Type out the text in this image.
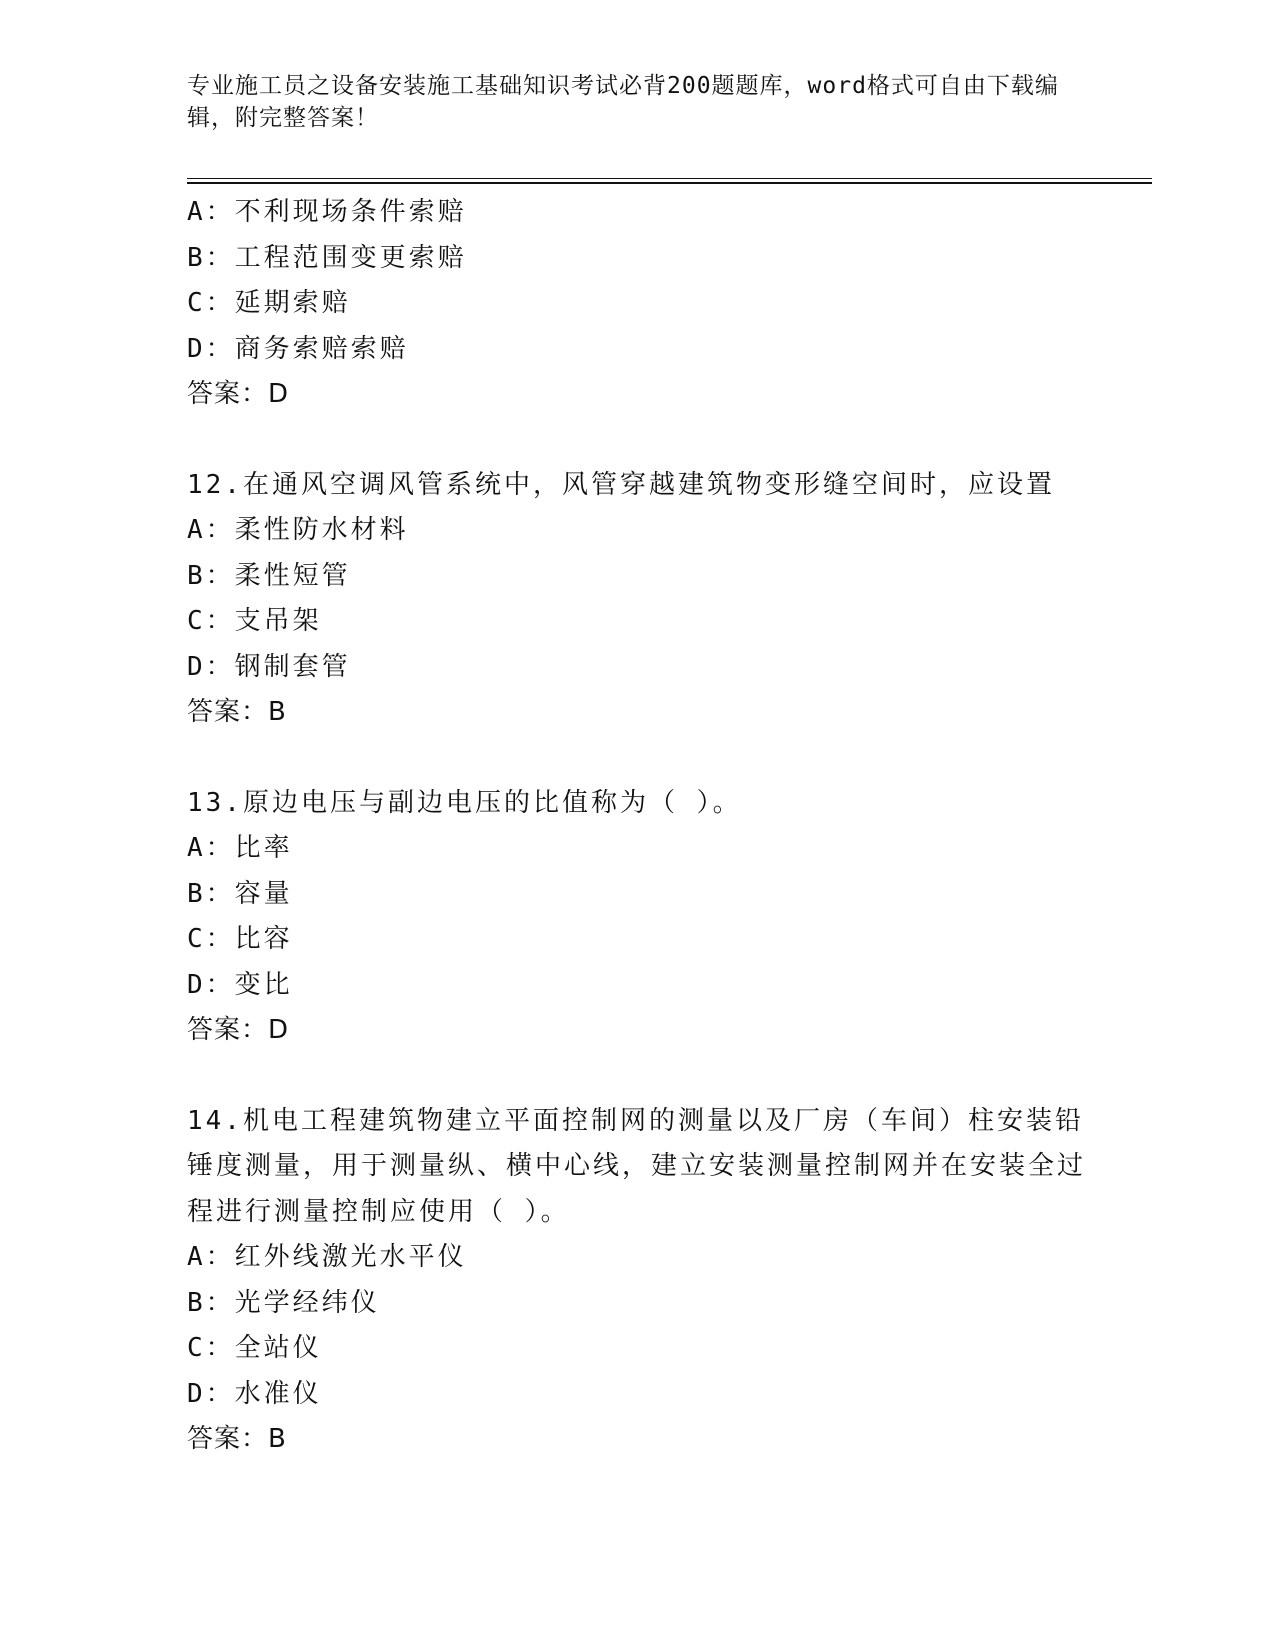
专业施工员之设备安装施工基础知识考试必背200题题库，word格式可自由下载编辑，附完整答案！

A：不利现场条件索赔

B：工程范围变更索赔

C：延期索赔

D：商务索赔索赔

答案：D

12.在通风空调风管系统中，风管穿越建筑物变形缝空间时，应设置

A：柔性防水材料

B：柔性短管

C：支吊架

D：钢制套管

答案：B

13.原边电压与副边电压的比值称为（ ）。

A：比率

B：容量

C：比容

D：变比

答案：D

14.机电工程建筑物建立平面控制网的测量以及厂房（车间）柱安装铅锤度测量，用于测量纵、横中心线，建立安装测量控制网并在安装全过程进行测量控制应使用（ ）。

A：红外线激光水平仪

B：光学经纬仪

C：全站仪

D：水准仪

答案：B
